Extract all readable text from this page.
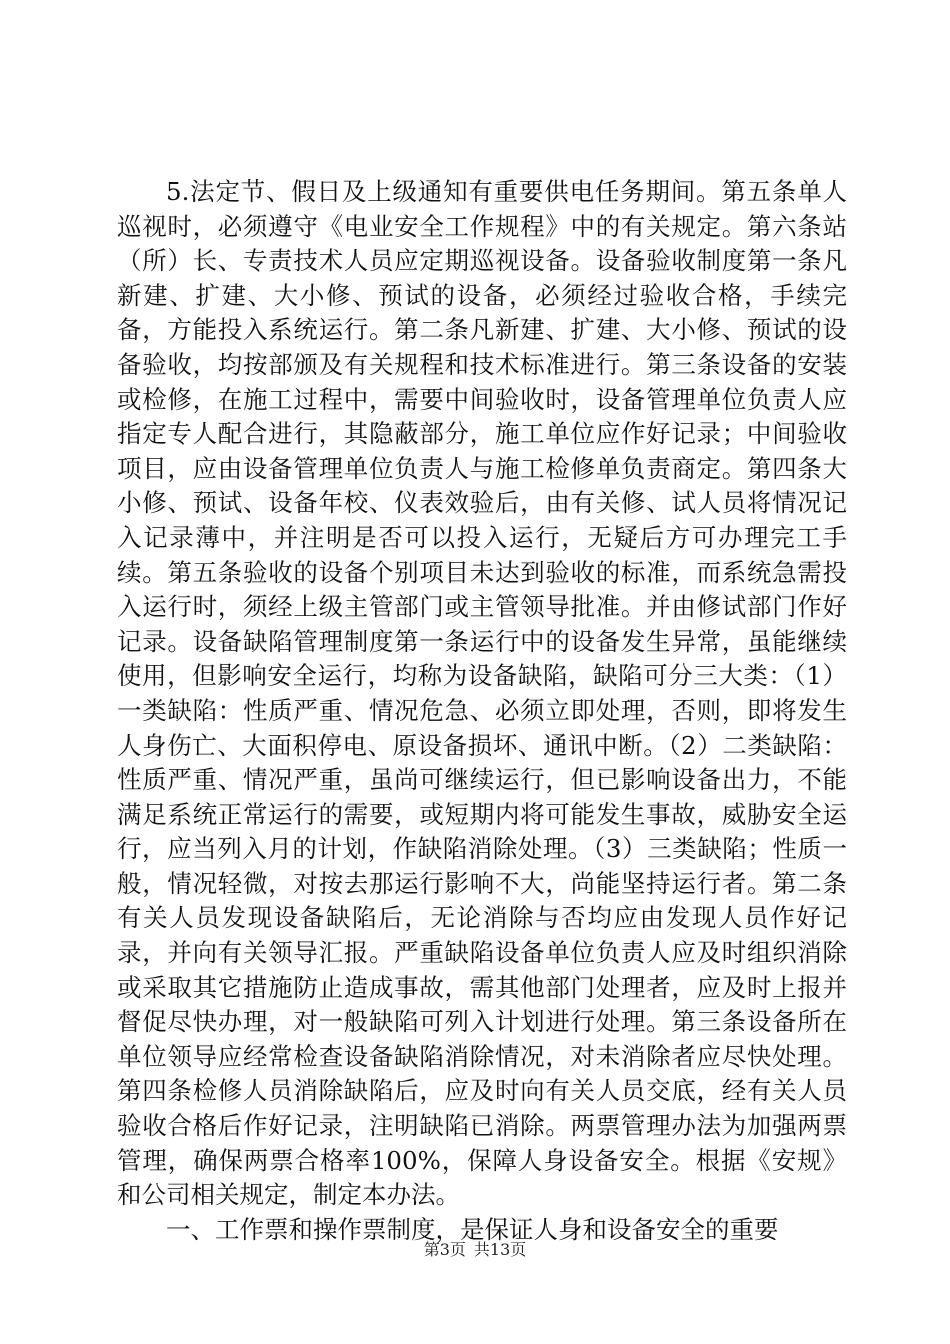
5.法定节、假日及上级通知有重要供电任务期间。第五条单人巡视时，必须遵守《电业安全工作规程》中的有关规定。第六条站（所）长、专责技术人员应定期巡视设备。设备验收制度第一条凡新建、扩建、大小修、预试的设备，必须经过验收合格，手续完备，方能投入系统运行。第二条凡新建、扩建、大小修、预试的设备验收，均按部颁及有关规程和技术标准进行。第三条设备的安装或检修，在施工过程中，需要中间验收时，设备管理单位负责人应指定专人配合进行，其隐蔽部分，施工单位应作好记录；中间验收项目，应由设备管理单位负责人与施工检修单负责商定。第四条大小修、预试、设备年校、仪表效验后，由有关修、试人员将情况记入记录薄中，并注明是否可以投入运行，无疑后方可办理完工手续。第五条验收的设备个别项目未达到验收的标准，而系统急需投入运行时，须经上级主管部门或主管领导批准。并由修试部门作好记录。设备缺陷管理制度第一条运行中的设备发生异常，虽能继续使用，但影响安全运行，均称为设备缺陷，缺陷可分三大类：（1）一类缺陷：性质严重、情况危急、必须立即处理，否则，即将发生人身伤亡、大面积停电、原设备损坏、通讯中断。（2）二类缺陷：性质严重、情况严重，虽尚可继续运行，但已影响设备出力，不能满足系统正常运行的需要，或短期内将可能发生事故，威胁安全运行，应当列入月的计划，作缺陷消除处理。（3）三类缺陷；性质一般，情况轻微，对按去那运行影响不大，尚能坚持运行者。第二条有关人员发现设备缺陷后，无论消除与否均应由发现人员作好记录，并向有关领导汇报。严重缺陷设备单位负责人应及时组织消除或采取其它措施防止造成事故，需其他部门处理者，应及时上报并督促尽快办理，对一般缺陷可列入计划进行处理。第三条设备所在单位领导应经常检查设备缺陷消除情况，对未消除者应尽快处理。第四条检修人员消除缺陷后，应及时向有关人员交底，经有关人员验收合格后作好记录，注明缺陷已消除。两票管理办法为加强两票管理，确保两票合格率100%，保障人身设备安全。根据《安规》和公司相关规定，制定本办法。

一、工作票和操作票制度，是保证人身和设备安全的重要

第3页 共13页
